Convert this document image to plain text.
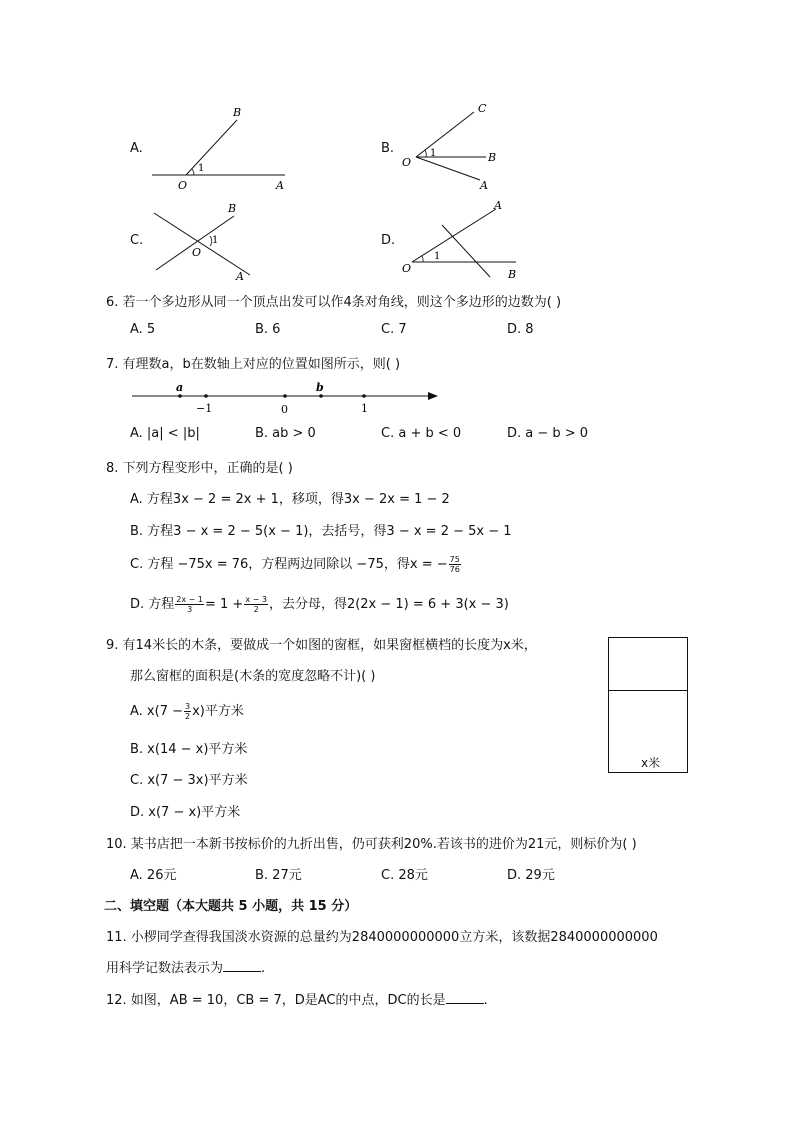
A.
O
1
A
B
B.
O
1
C
B
A
C.
O
1
B
A
D.
O
1
A
B
6. 若一个多边形从同一个顶点出发可以作4条对角线，则这个多边形的边数为( )
A. 5	B. 6	C. 7	D. 8
7. 有理数a，b在数轴上对应的位置如图所示，则( )
a	b
−1	0	1
A. |a| < |b|	B. ab > 0	C. a + b < 0	D. a − b > 0
8. 下列方程变形中，正确的是( )
A. 方程3x − 2 = 2x + 1，移项，得3x − 2x = 1 − 2
B. 方程3 − x = 2 − 5(x − 1)，去括号，得3 − x = 2 − 5x − 1
C. 方程 −75x = 76，方程两边同除以 −75，得x = − $\frac{75}{76}$
D. 方程 $\frac{2x - 1}{3} = 1 + \frac{x - 3}{2}$ ，去分母，得2(2x − 1) = 6 + 3(x − 3)
9. 有14米长的木条，要做成一个如图的窗框，如果窗框横档的长度为x米，
那么窗框的面积是(木条的宽度忽略不计)( )
A. $x(7 - \frac{3}{2} x)$平方米
B. x(14 − x)平方米
C. x(7 − 3x)平方米
D. x(7 − x)平方米
x米
10. 某书店把一本新书按标价的九折出售，仍可获利20%.若该书的进价为21元，则标价为( )
A. 26元	B. 27元	C. 28元	D. 29元
二、填空题（本大题共 5 小题，共 15 分）
11. 小椤同学查得我国淡水资源的总量约为2840000000000立方米，该数据2840000000000
用科学记数法表示为	.
12. 如图，AB = 10，CB = 7，D是AC的中点，DC的长是	.
